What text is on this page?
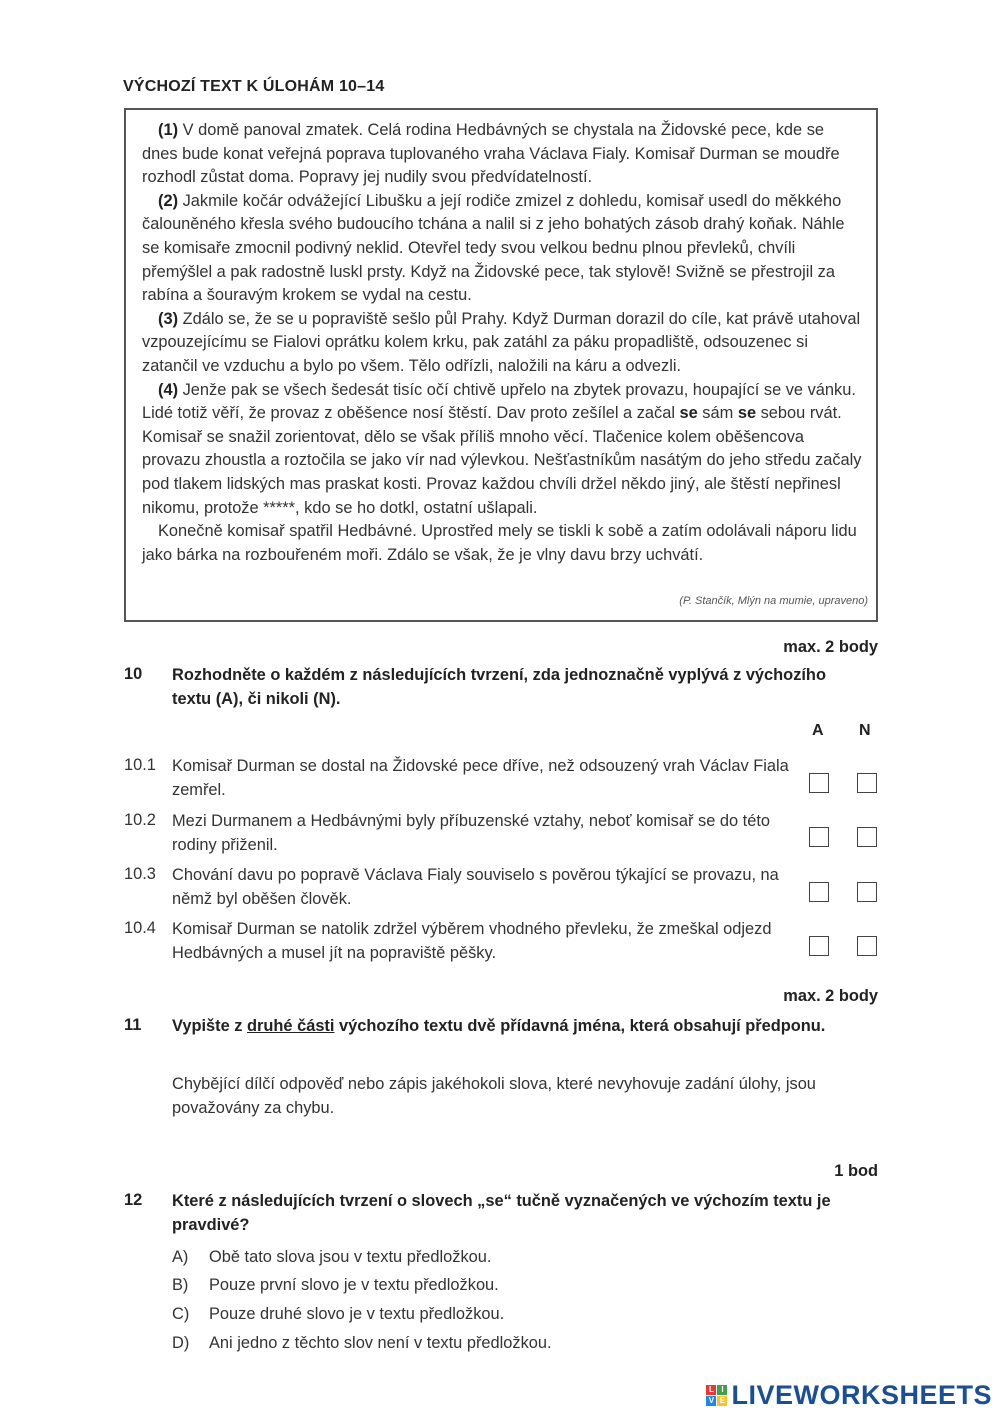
VÝCHOZÍ TEXT K ÚLOHÁM 10–14

(1) V domě panoval zmatek. Celá rodina Hedbávných se chystala na Židovské pece, kde se dnes bude konat veřejná poprava tuplovaného vraha Václava Fialy. Komisař Durman se moudře rozhodl zůstat doma. Popravy jej nudily svou předvídatelností.

(2) Jakmile kočár odvážející Libušku a její rodiče zmizel z dohledu, komisař usedl do měkkého čalouněného křesla svého budoucího tchána a nalil si z jeho bohatých zásob drahý koňak. Náhle se komisaře zmocnil podivný neklid. Otevřel tedy svou velkou bednu plnou převleků, chvíli přemýšlel a pak radostně luskl prsty. Když na Židovské pece, tak stylově! Svižně se přestrojil za rabína a šouravým krokem se vydal na cestu.

(3) Zdálo se, že se u popraviště sešlo půl Prahy. Když Durman dorazil do cíle, kat právě utahoval vzpouzejícímu se Fialovi oprátku kolem krku, pak zatáhl za páku propadliště, odsouzenec si zatančil ve vzduchu a bylo po všem. Tělo odřízli, naložili na káru a odvezli.

(4) Jenže pak se všech šedesát tisíc očí chtivě upřelo na zbytek provazu, houpající se ve vánku. Lidé totiž věří, že provaz z oběšence nosí štěstí. Dav proto zešílel a začal se sám se sebou rvát. Komisař se snažil zorientovat, dělo se však příliš mnoho věcí. Tlačenice kolem oběšencova provazu zhoustla a roztočila se jako vír nad výlevkou. Nešťastníkům nasátým do jeho středu začaly pod tlakem lidských mas praskat kosti. Provaz každou chvíli držel někdo jiný, ale štěstí nepřinesl nikomu, protože *****, kdo se ho dotkl, ostatní ušlapali.

Konečně komisař spatřil Hedbávné. Uprostřed mely se tiskli k sobě a zatím odolávali náporu lidu jako bárka na rozbouřeném moři. Zdálo se však, že je vlny davu brzy uchvátí.

(P. Stančík, Mlýn na mumie, upraveno)
max. 2 body
10 Rozhodněte o každém z následujících tvrzení, zda jednoznačně vyplývá z výchozího textu (A), či nikoli (N).
A N
10.1 Komisař Durman se dostal na Židovské pece dříve, než odsouzený vrah Václav Fiala zemřel.
10.2 Mezi Durmanem a Hedbávnými byly příbuzenské vztahy, neboť komisař se do této rodiny přiženil.
10.3 Chování davu po popravě Václava Fialy souviselo s pověrou týkající se provazu, na němž byl oběšen člověk.
10.4 Komisař Durman se natolik zdržel výběrem vhodného převleku, že zmeškal odjezd Hedbávných a musel jít na popraviště pěšky.
max. 2 body
11 Vypište z druhé části výchozího textu dvě přídavná jména, která obsahují předponu.
Chybějící dílčí odpověď nebo zápis jakéhokoli slova, které nevyhovuje zadání úlohy, jsou považovány za chybu.
1 bod
12 Které z následujících tvrzení o slovech „se“ tučně vyznačených ve výchozím textu je pravdivé?
A) Obě tato slova jsou v textu předložkou.
B) Pouze první slovo je v textu předložkou.
C) Pouze druhé slovo je v textu předložkou.
D) Ani jedno z těchto slov není v textu předložkou.
L I
V E LIVEWORKSHEETS
